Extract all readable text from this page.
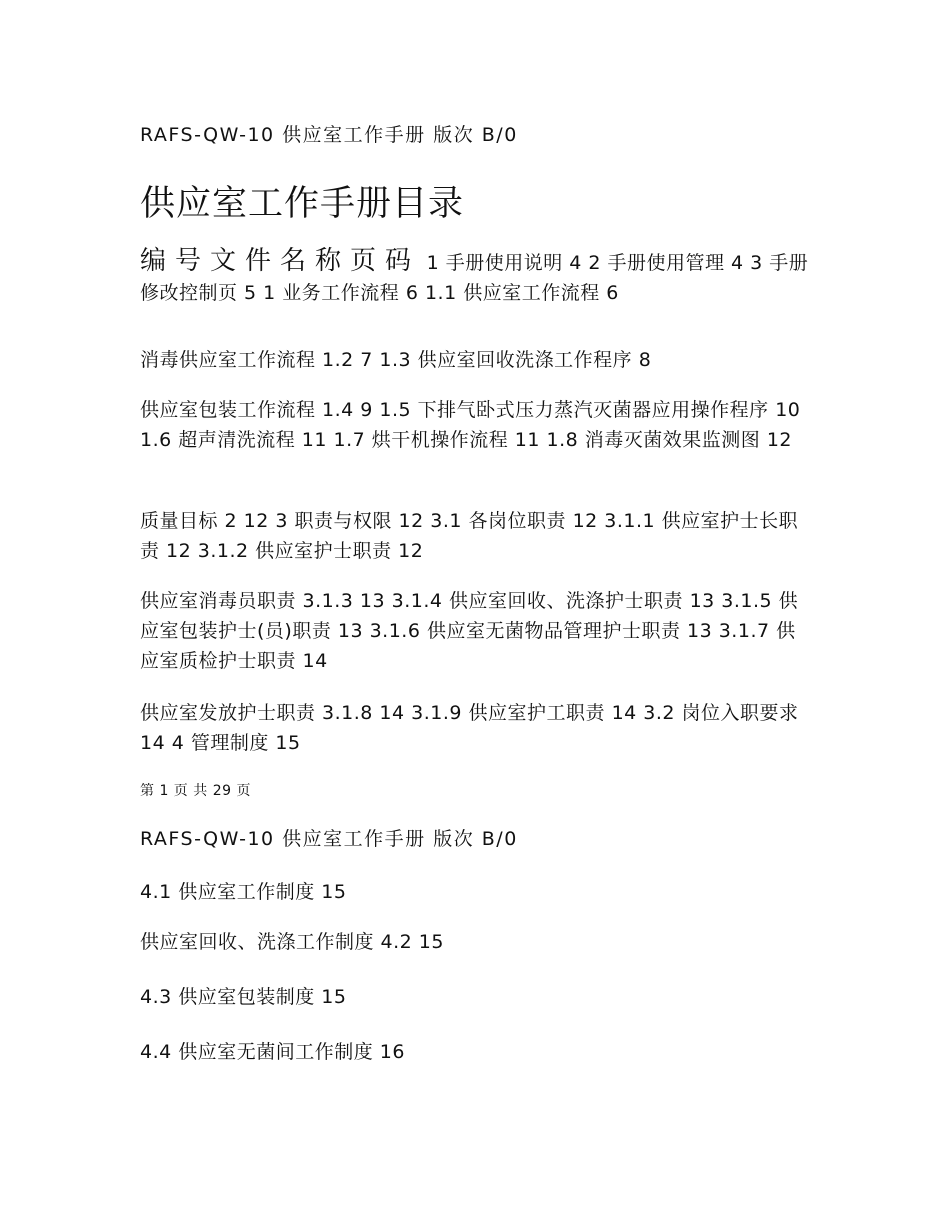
RAFS-QW-10 供应室工作手册 版次 B/0
供应室工作手册目录
编号文件名称页码 1 手册使用说明 4 2 手册使用管理 4 3 手册修改控制页 5 1 业务工作流程 6 1.1 供应室工作流程 6
消毒供应室工作流程 1.2 7 1.3 供应室回收洗涤工作程序 8
供应室包装工作流程 1.4 9 1.5 下排气卧式压力蒸汽灭菌器应用操作程序 10 1.6 超声清洗流程 11 1.7 烘干机操作流程 11 1.8 消毒灭菌效果监测图 12
质量目标 2 12 3 职责与权限 12 3.1 各岗位职责 12 3.1.1 供应室护士长职责 12 3.1.2 供应室护士职责 12
供应室消毒员职责 3.1.3 13 3.1.4 供应室回收、洗涤护士职责 13 3.1.5 供应室包装护士(员)职责 13 3.1.6 供应室无菌物品管理护士职责 13 3.1.7 供应室质检护士职责 14
供应室发放护士职责 3.1.8 14 3.1.9 供应室护工职责 14 3.2 岗位入职要求 14 4 管理制度 15
第 1 页 共 29 页
RAFS-QW-10 供应室工作手册 版次 B/0
4.1 供应室工作制度 15
供应室回收、洗涤工作制度 4.2 15
4.3 供应室包装制度 15
4.4 供应室无菌间工作制度 16
